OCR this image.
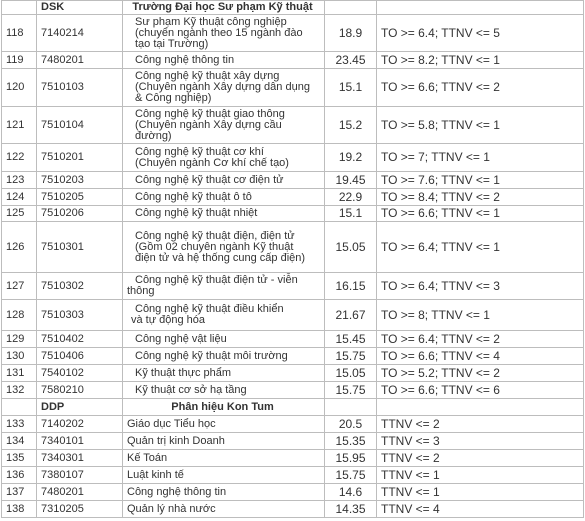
	DSK	Trường Đại học Sư phạm Kỹ thuật		
118	7140214	Sư phạm Kỹ thuật công nghiệp
(chuyển ngành theo 15 ngành đào
tạo tại Trường)	18.9	TO >= 6.4; TTNV <= 5
119	7480201	Công nghệ thông tin	23.45	TO >= 8.2; TTNV <= 1
120	7510103	Công nghệ kỹ thuật xây dựng
(Chuyên ngành Xây dựng dân dụng
& Công nghiệp)	15.1	TO >= 6.6; TTNV <= 2
121	7510104	Công nghệ kỹ thuật giao thông
(Chuyên ngành Xây dựng cầu
đường)	15.2	TO >= 5.8; TTNV <= 1
122	7510201	Công nghệ kỹ thuật cơ khí
(Chuyên ngành Cơ khí chế tạo)	19.2	TO >= 7; TTNV <= 1
123	7510203	Công nghệ kỹ thuật cơ điện tử	19.45	TO >= 7.6; TTNV <= 1
124	7510205	Công nghệ kỹ thuật ô tô	22.9	TO >= 8.4; TTNV <= 2
125	7510206	Công nghệ kỹ thuật nhiệt	15.1	TO >= 6.6; TTNV <= 1
126	7510301	Công nghệ kỹ thuật điện, điện tử
(Gồm 02 chuyên ngành Kỹ thuật
điện tử và hệ thống cung cấp điện)	15.05	TO >= 6.4; TTNV <= 1
127	7510302	Công nghệ kỹ thuật điện tử - viễn
thông	16.15	TO >= 6.4; TTNV <= 3
128	7510303	Công nghệ kỹ thuật điều khiển
và tự động hóa	21.67	TO >= 8; TTNV <= 1
129	7510402	Công nghệ vật liệu	15.45	TO >= 6.4; TTNV <= 2
130	7510406	Công nghệ kỹ thuật môi trường	15.75	TO >= 6.6; TTNV <= 4
131	7540102	Kỹ thuật thực phẩm	15.05	TO >= 5.2; TTNV <= 2
132	7580210	Kỹ thuật cơ sở hạ tầng	15.75	TO >= 6.6; TTNV <= 6
	DDP	Phân hiệu Kon Tum		
133	7140202	Giáo dục Tiểu học	20.5	TTNV <= 2
134	7340101	Quản trị kinh Doanh	15.35	TTNV <= 3
135	7340301	Kế Toán	15.95	TTNV <= 2
136	7380107	Luật kinh tế	15.75	TTNV <= 1
137	7480201	Công nghệ thông tin	14.6	TTNV <= 1
138	7310205	Quản lý nhà nước	14.35	TTNV <= 4
